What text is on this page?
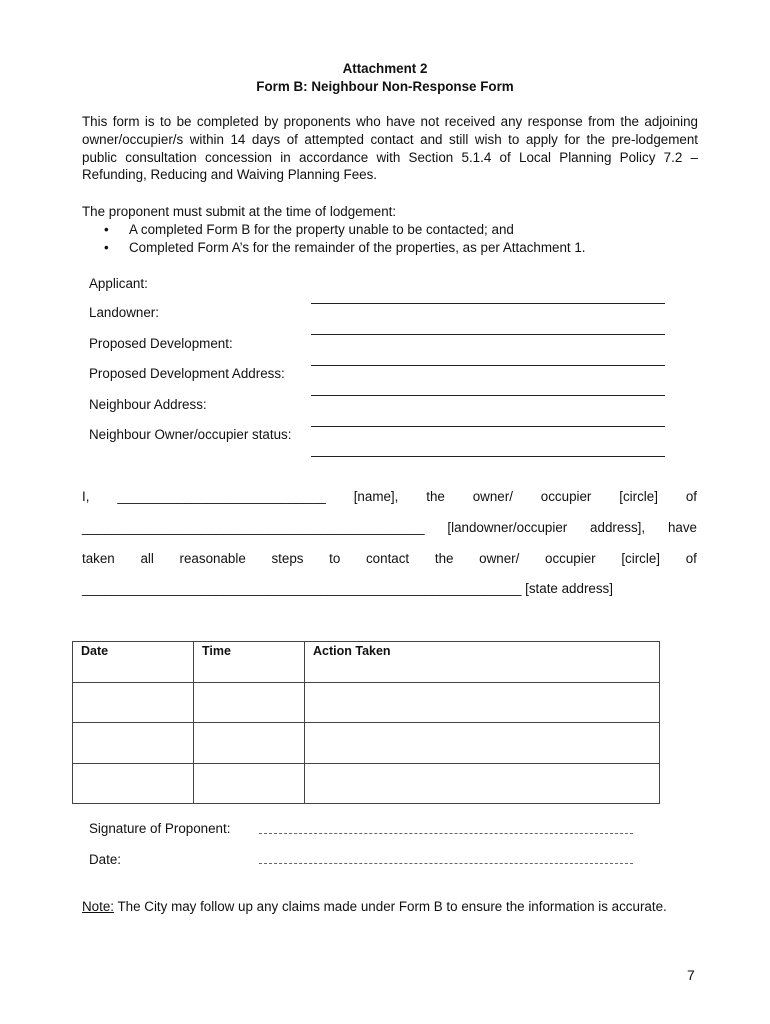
Attachment 2
Form B: Neighbour Non-Response Form
This form is to be completed by proponents who have not received any response from the adjoining
owner/occupier/s within 14 days of attempted contact and still wish to apply for the pre-lodgement
public consultation concession in accordance with Section 5.1.4 of Local Planning Policy 7.2 –
Refunding, Reducing and Waiving Planning Fees.
The proponent must submit at the time of lodgement:
• A completed Form B for the property unable to be contacted; and
• Completed Form A’s for the remainder of the properties, as per Attachment 1.
Applicant:
Landowner:
Proposed Development:
Proposed Development Address:
Neighbour Address:
Neighbour Owner/occupier status:
I, ____________________________ [name], the owner/ occupier [circle] of
______________________________________________ [landowner/occupier address], have
taken all reasonable steps to contact the owner/ occupier [circle] of
___________________________________________________________ [state address]
Date	Time	Action Taken

Signature of Proponent:
Date:
Note: The City may follow up any claims made under Form B to ensure the information is accurate.
7
